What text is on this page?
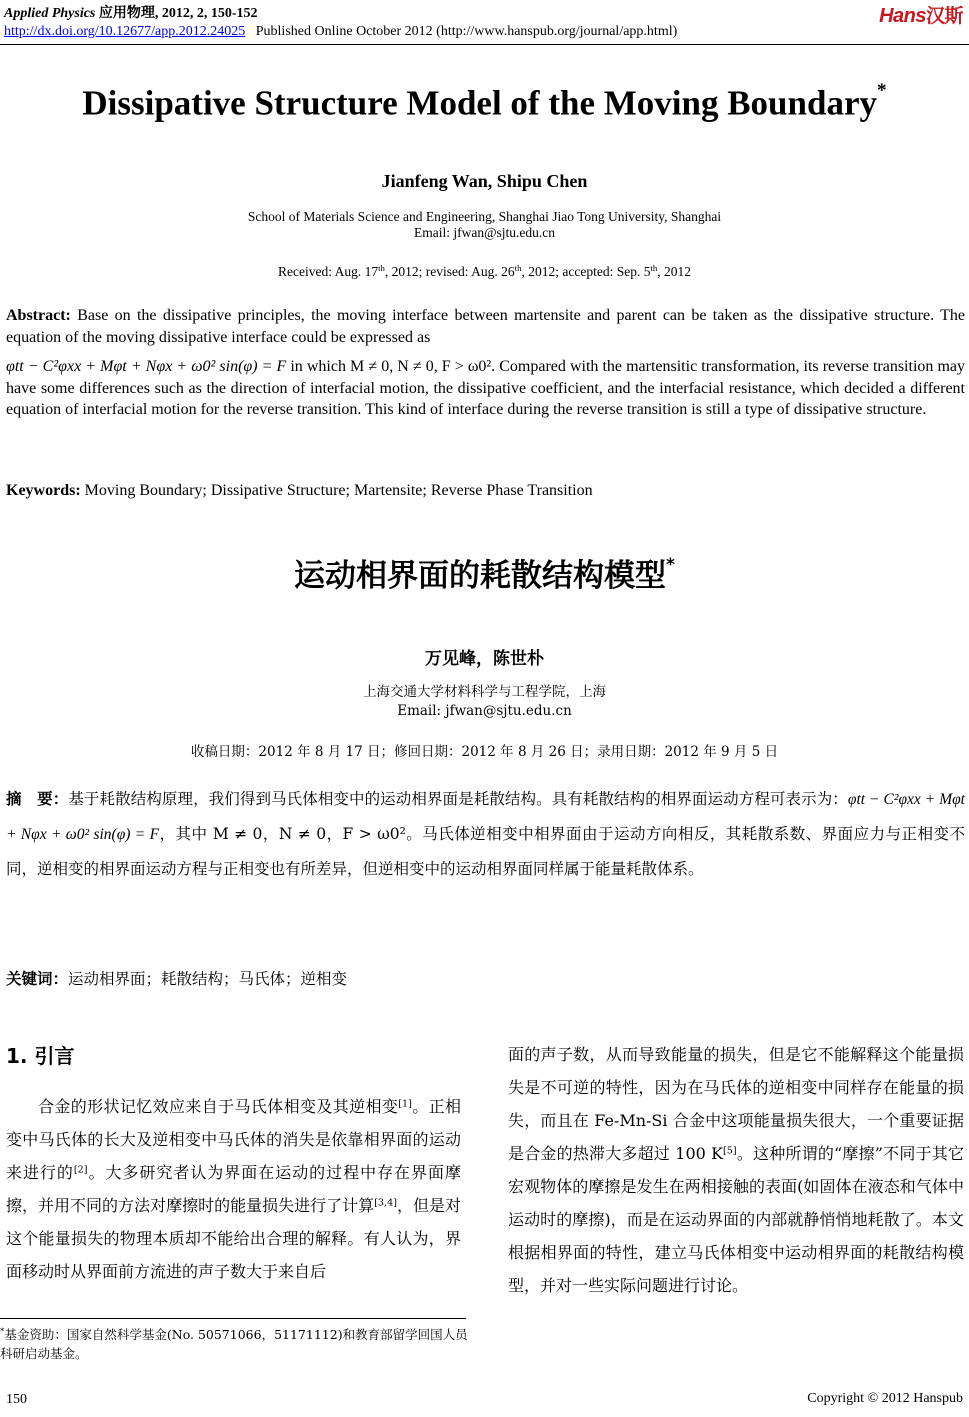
Applied Physics 应用物理, 2012, 2, 150-152	Hans汉斯
http://dx.doi.org/10.12677/app.2012.24025 Published Online October 2012 (http://www.hanspub.org/journal/app.html)
Dissipative Structure Model of the Moving Boundary*
Jianfeng Wan, Shipu Chen
School of Materials Science and Engineering, Shanghai Jiao Tong University, Shanghai
Email: jfwan@sjtu.edu.cn
Received: Aug. 17th, 2012; revised: Aug. 26th, 2012; accepted: Sep. 5th, 2012
Abstract: Base on the dissipative principles, the moving interface between martensite and parent can be taken as the dissipative structure. The equation of the moving dissipative interface could be expressed as
φtt − C²φxx + Mφt + Nφx + ω0² sin(φ) = F in which M ≠ 0, N ≠ 0, F > ω0². Compared with the martensitic transformation, its reverse transition may have some differences such as the direction of interfacial motion, the dissipative coefficient, and the interfacial resistance, which decided a different equation of interfacial motion for the reverse transition. This kind of interface during the reverse transition is still a type of dissipative structure.
Keywords: Moving Boundary; Dissipative Structure; Martensite; Reverse Phase Transition
运动相界面的耗散结构模型*
万见峰，陈世朴
上海交通大学材料科学与工程学院，上海
Email: jfwan@sjtu.edu.cn
收稿日期：2012 年 8 月 17 日；修回日期：2012 年 8 月 26 日；录用日期：2012 年 9 月 5 日
摘　要：基于耗散结构原理，我们得到马氏体相变中的运动相界面是耗散结构。具有耗散结构的相界面运动方程可表示为：φtt − C²φxx + Mφt + Nφx + ω0² sin(φ) = F，其中 M ≠ 0，N ≠ 0，F > ω0²。马氏体逆相变中相界面由于运动方向相反，其耗散系数、界面应力与正相变不同，逆相变的相界面运动方程与正相变也有所差异，但逆相变中的运动相界面同样属于能量耗散体系。
关键词：运动相界面；耗散结构；马氏体；逆相变
1. 引言
合金的形状记忆效应来自于马氏体相变及其逆相变[1]。正相变中马氏体的长大及逆相变中马氏体的消失是依靠相界面的运动来进行的[2]。大多研究者认为界面在运动的过程中存在界面摩擦，并用不同的方法对摩擦时的能量损失进行了计算[3,4]，但是对这个能量损失的物理本质却不能给出合理的解释。有人认为，界面移动时从界面前方流进的声子数大于来自后
面的声子数，从而导致能量的损失，但是它不能解释这个能量损失是不可逆的特性，因为在马氏体的逆相变中同样存在能量的损失，而且在 Fe-Mn-Si 合金中这项能量损失很大，一个重要证据是合金的热滞大多超过 100 K[5]。这种所谓的“摩擦”不同于其它宏观物体的摩擦是发生在两相接触的表面(如固体在液态和气体中运动时的摩擦)，而是在运动界面的内部就静悄悄地耗散了。本文根据相界面的特性，建立马氏体相变中运动相界面的耗散结构模型，并对一些实际问题进行讨论。
*基金资助：国家自然科学基金(No. 50571066，51171112)和教育部留学回国人员科研启动基金。
150	Copyright © 2012 Hanspub
